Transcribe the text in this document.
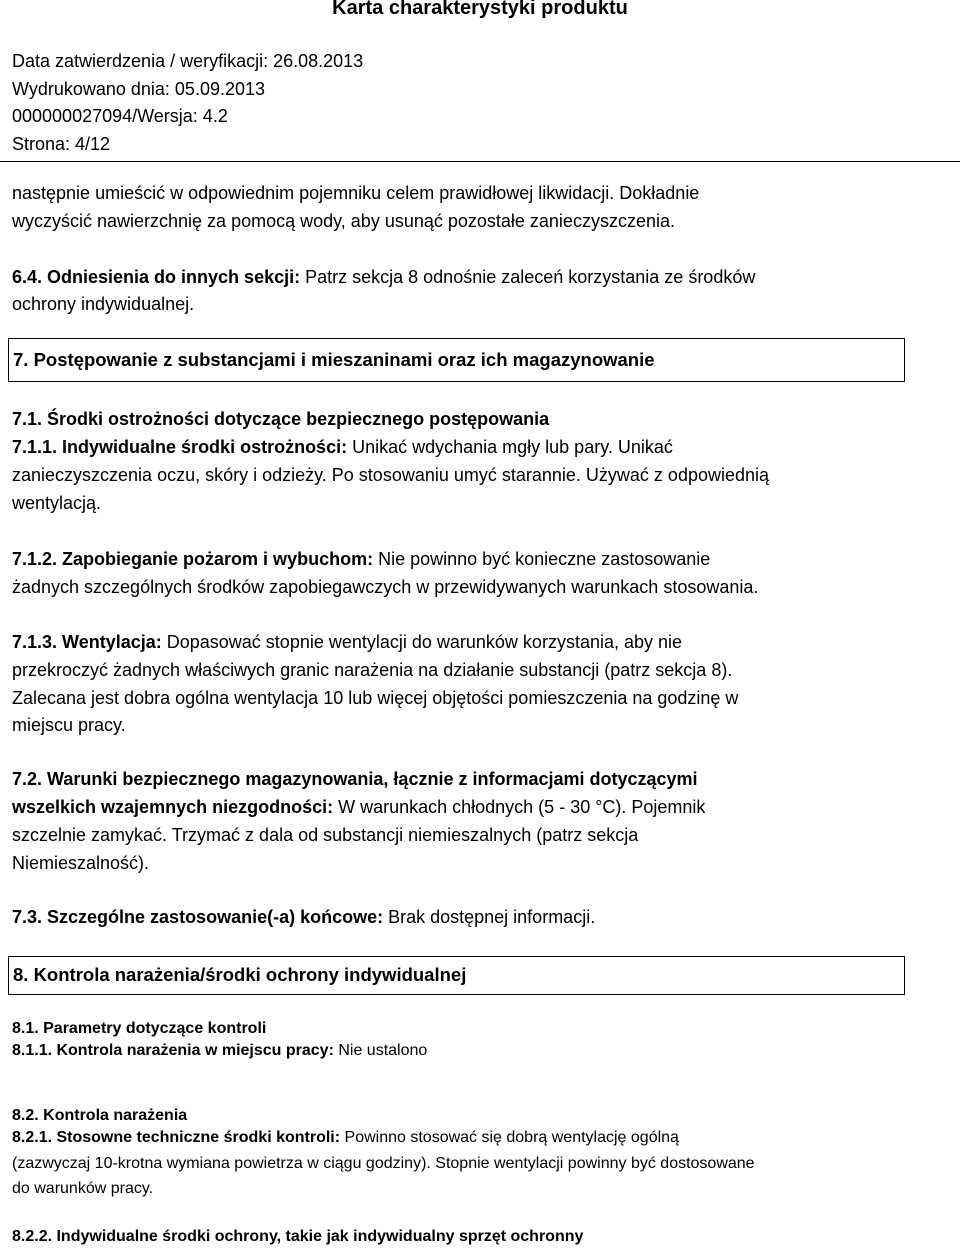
Karta charakterystyki produktu
Data zatwierdzenia / weryfikacji: 26.08.2013
Wydrukowano dnia: 05.09.2013
000000027094/Wersja: 4.2
Strona: 4/12
następnie umieścić w odpowiednim pojemniku celem prawidłowej likwidacji. Dokładnie
wyczyścić nawierzchnię za pomocą wody, aby usunąć pozostałe zanieczyszczenia.
6.4. Odniesienia do innych sekcji: Patrz sekcja 8 odnośnie zaleceń korzystania ze środków
ochrony indywidualnej.
7. Postępowanie z substancjami i mieszaninami oraz ich magazynowanie
7.1. Środki ostrożności dotyczące bezpiecznego postępowania
7.1.1. Indywidualne środki ostrożności: Unikać wdychania mgły lub pary. Unikać
zanieczyszczenia oczu, skóry i odzieży. Po stosowaniu umyć starannie. Używać z odpowiednią
wentylacją.
7.1.2. Zapobieganie pożarom i wybuchom: Nie powinno być konieczne zastosowanie
żadnych szczególnych środków zapobiegawczych w przewidywanych warunkach stosowania.
7.1.3. Wentylacja: Dopasować stopnie wentylacji do warunków korzystania, aby nie
przekroczyć żadnych właściwych granic narażenia na działanie substancji (patrz sekcja 8).
Zalecana jest dobra ogólna wentylacja 10 lub więcej objętości pomieszczenia na godzinę w
miejscu pracy.
7.2. Warunki bezpiecznego magazynowania, łącznie z informacjami dotyczącymi
wszelkich wzajemnych niezgodności: W warunkach chłodnych (5 - 30 °C). Pojemnik
szczelnie zamykać. Trzymać z dala od substancji niemieszalnych (patrz sekcja
Niemieszalność).
7.3. Szczególne zastosowanie(-a) końcowe: Brak dostępnej informacji.
8. Kontrola narażenia/środki ochrony indywidualnej
8.1. Parametry dotyczące kontroli
8.1.1. Kontrola narażenia w miejscu pracy: Nie ustalono
8.2. Kontrola narażenia
8.2.1. Stosowne techniczne środki kontroli: Powinno stosować się dobrą wentylację ogólną
(zazwyczaj 10-krotna wymiana powietrza w ciągu godziny). Stopnie wentylacji powinny być dostosowane
do warunków pracy.
8.2.2. Indywidualne środki ochrony, takie jak indywidualny sprzęt ochronny
